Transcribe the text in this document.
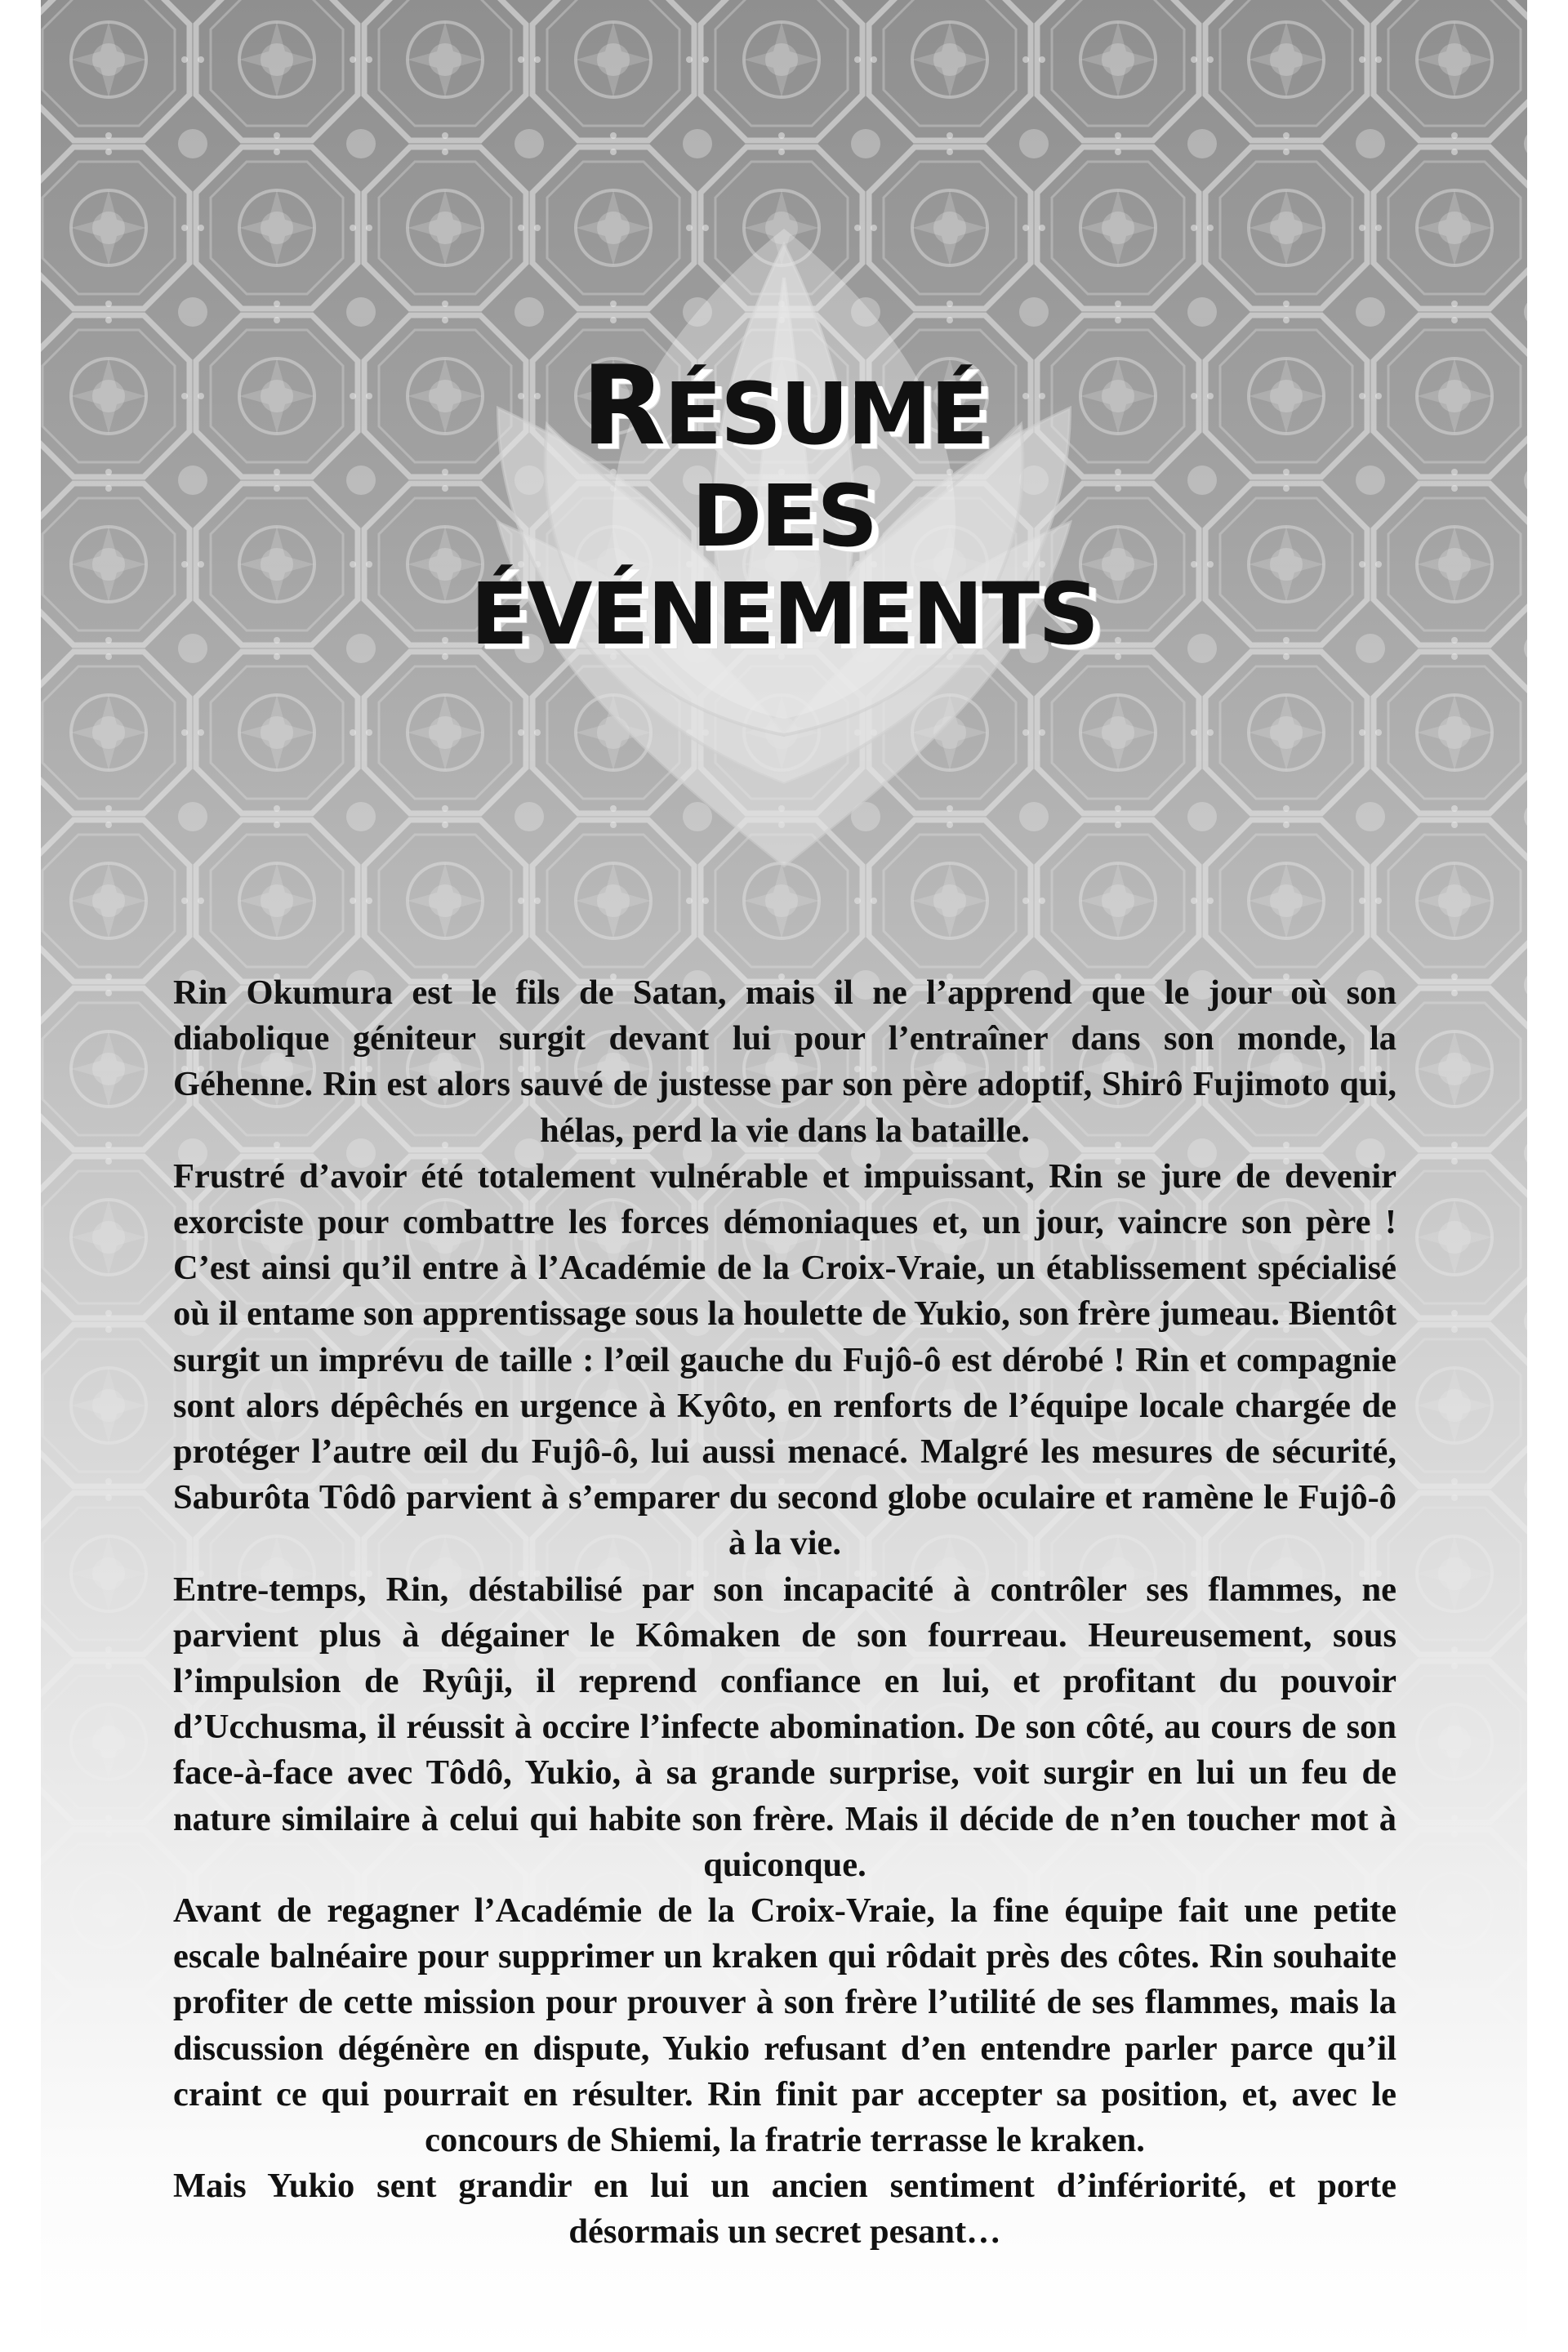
RÉSUMÉ
DES
ÉVÉNEMENTS

Rin Okumura est le fils de Satan, mais il ne l’apprend que le jour où son diabolique géniteur surgit devant lui pour l’entraîner dans son monde, la Géhenne. Rin est alors sauvé de justesse par son père adoptif, Shirô Fujimoto qui, hélas, perd la vie dans la bataille.

Frustré d’avoir été totalement vulnérable et impuissant, Rin se jure de devenir exorciste pour combattre les forces démoniaques et, un jour, vaincre son père ! C’est ainsi qu’il entre à l’Académie de la Croix-Vraie, un établissement spécialisé où il entame son apprentissage sous la houlette de Yukio, son frère jumeau. Bientôt surgit un imprévu de taille : l’œil gauche du Fujô-ô est dérobé ! Rin et compagnie sont alors dépêchés en urgence à Kyôto, en renforts de l’équipe locale chargée de protéger l’autre œil du Fujô-ô, lui aussi menacé. Malgré les mesures de sécurité, Saburôta Tôdô parvient à s’emparer du second globe oculaire et ramène le Fujô-ô à la vie.

Entre-temps, Rin, déstabilisé par son incapacité à contrôler ses flammes, ne parvient plus à dégainer le Kômaken de son fourreau. Heureusement, sous l’impulsion de Ryûji, il reprend confiance en lui, et profitant du pouvoir d’Ucchusma, il réussit à occire l’infecte abomination. De son côté, au cours de son face-à-face avec Tôdô, Yukio, à sa grande surprise, voit surgir en lui un feu de nature similaire à celui qui habite son frère. Mais il décide de n’en toucher mot à quiconque.

Avant de regagner l’Académie de la Croix-Vraie, la fine équipe fait une petite escale balnéaire pour supprimer un kraken qui rôdait près des côtes. Rin souhaite profiter de cette mission pour prouver à son frère l’utilité de ses flammes, mais la discussion dégénère en dispute, Yukio refusant d’en entendre parler parce qu’il craint ce qui pourrait en résulter. Rin finit par accepter sa position, et, avec le concours de Shiemi, la fratrie terrasse le kraken.

Mais Yukio sent grandir en lui un ancien sentiment d’infériorité, et porte désormais un secret pesant…
